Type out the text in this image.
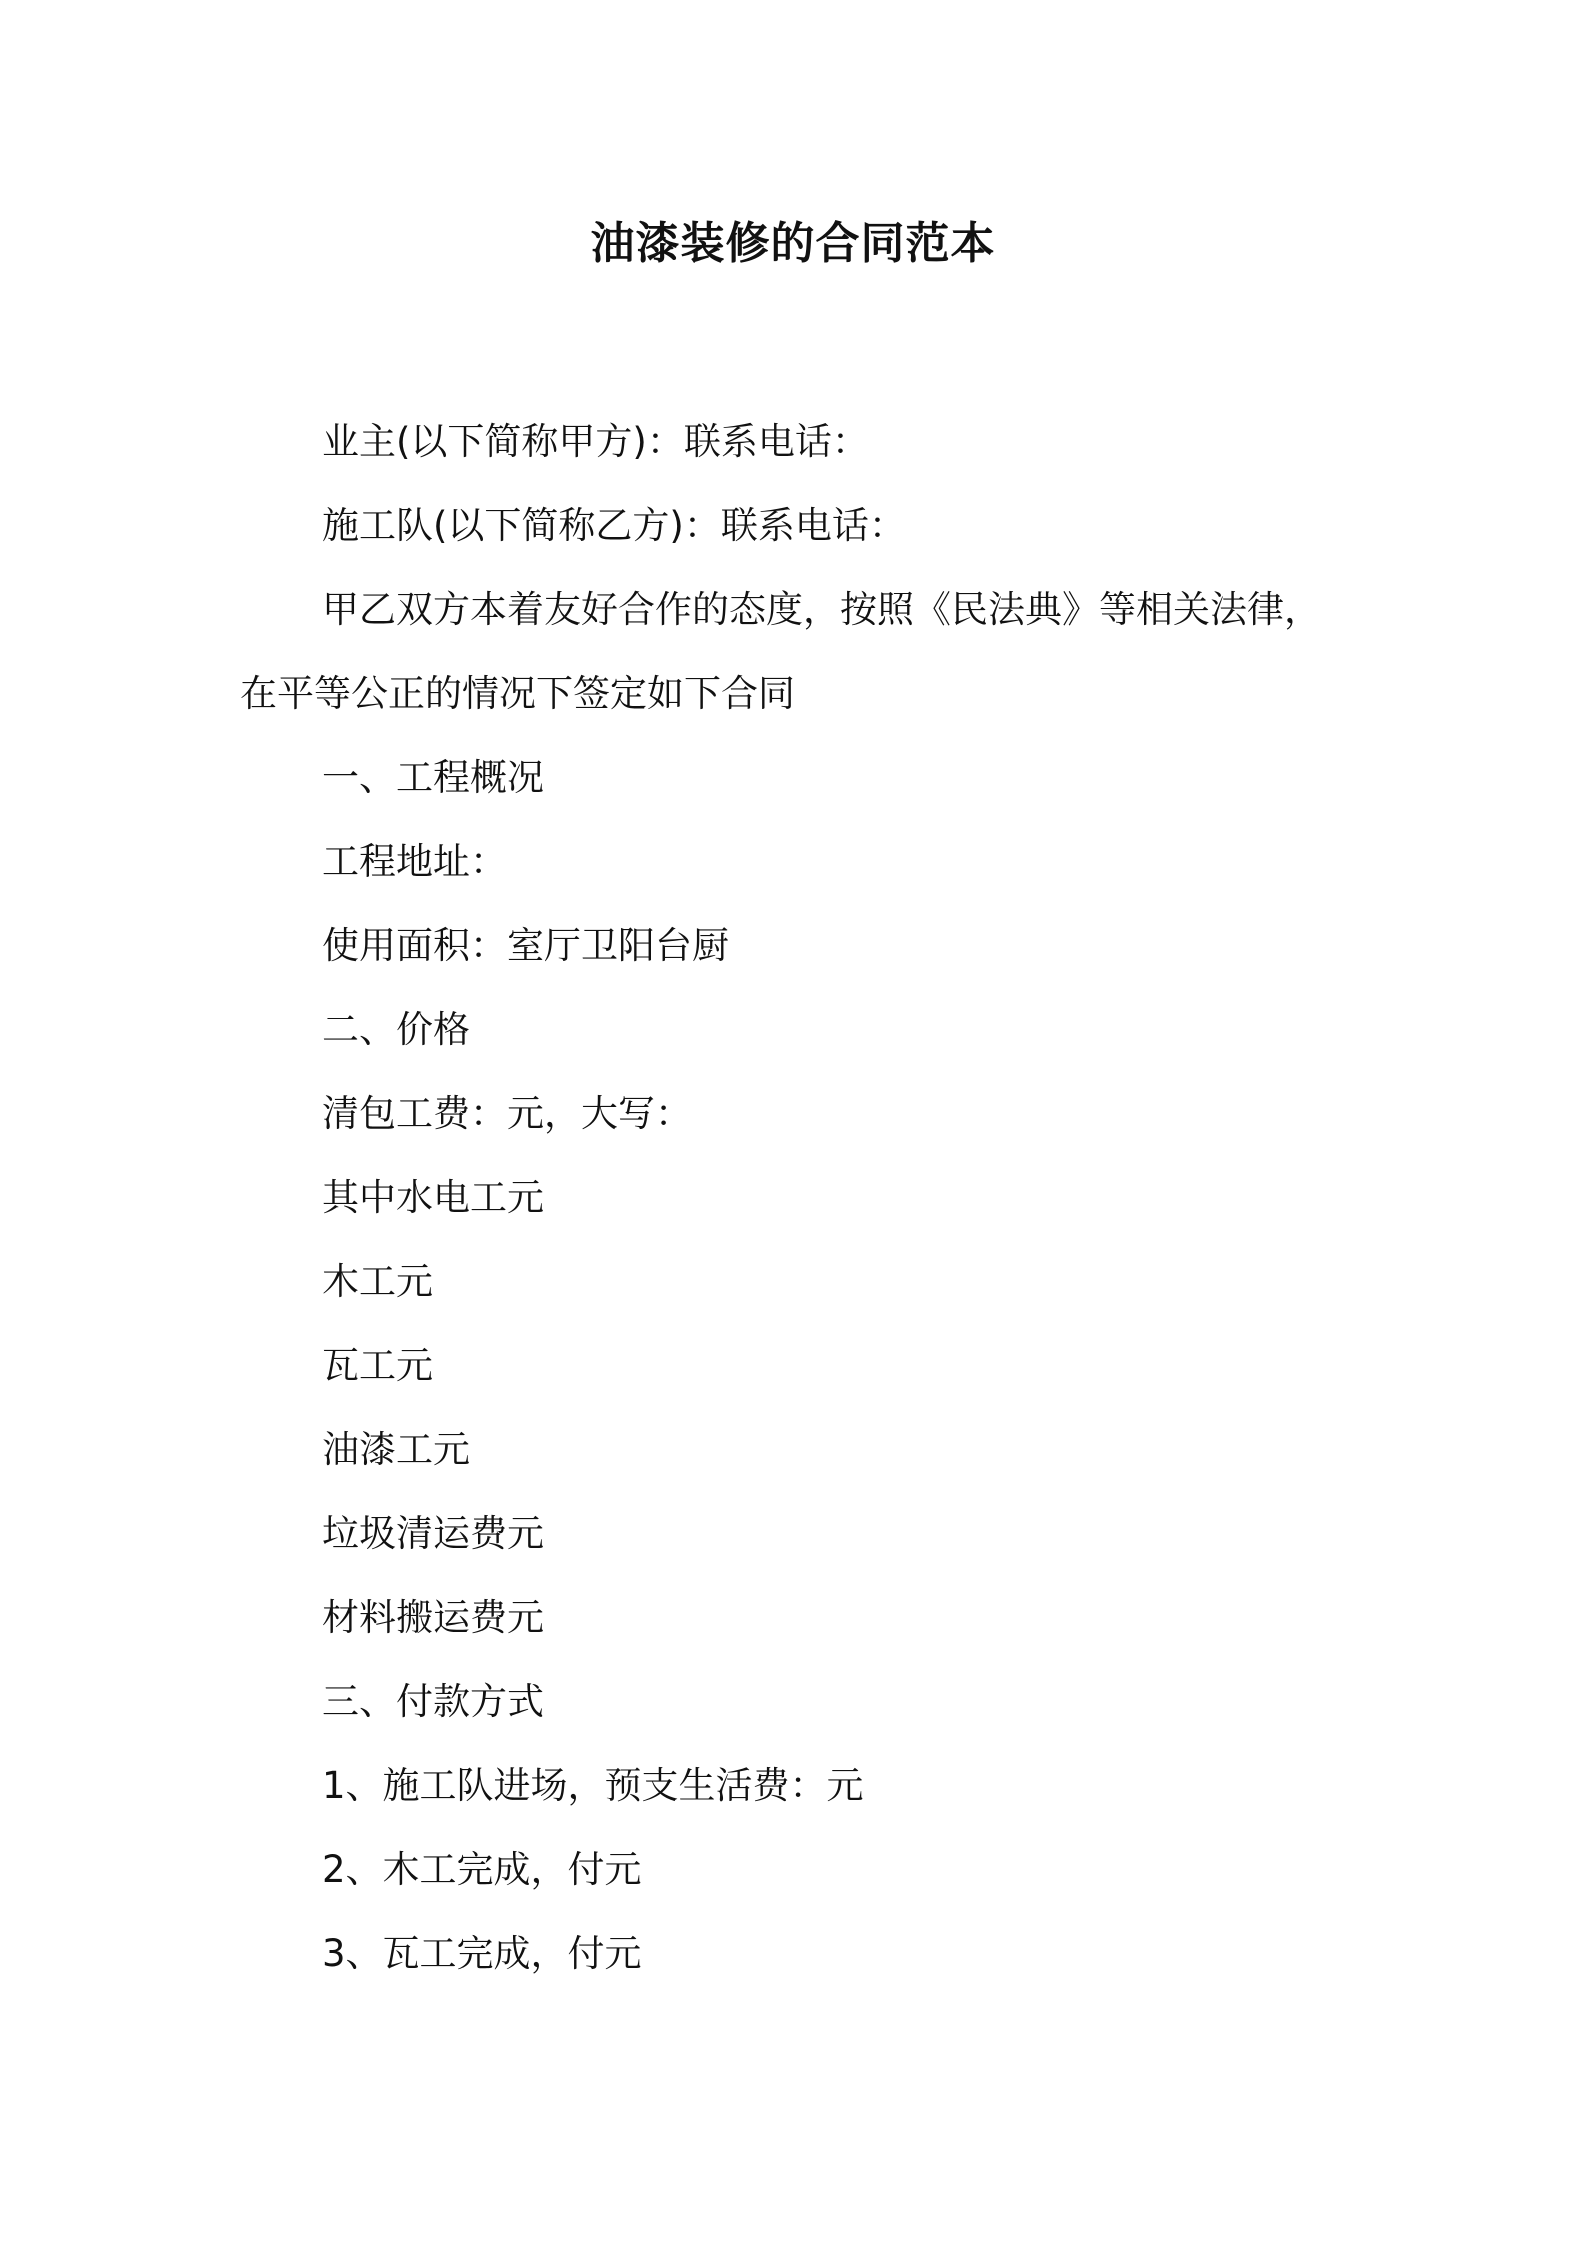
油漆装修的合同范本

业主(以下简称甲方)：联系电话：

施工队(以下简称乙方)：联系电话：

甲乙双方本着友好合作的态度，按照《民法典》等相关法律，在平等公正的情况下签定如下合同

一、工程概况

工程地址：

使用面积：室厅卫阳台厨

二、价格

清包工费：元，大写：

其中水电工元

木工元

瓦工元

油漆工元

垃圾清运费元

材料搬运费元

三、付款方式

1、施工队进场，预支生活费：元

2、木工完成，付元

3、瓦工完成，付元
